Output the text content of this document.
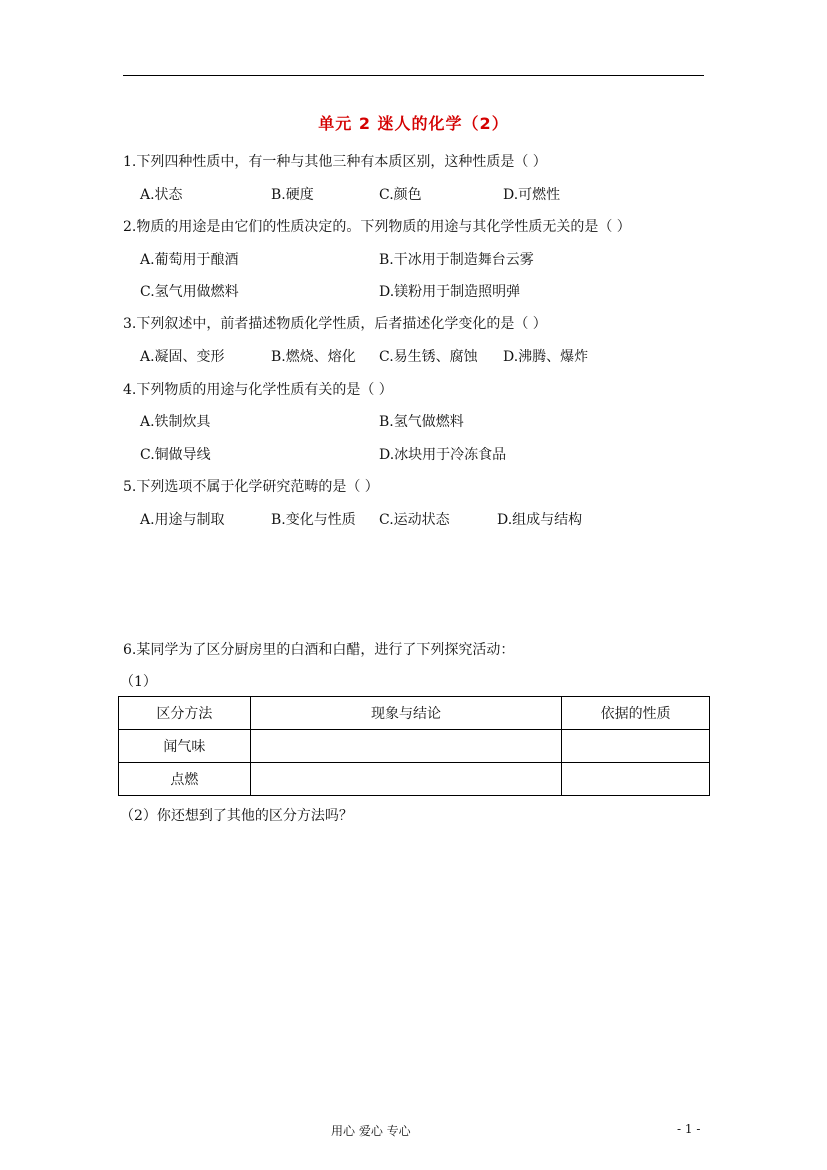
单元 2 迷人的化学（2）
1.下列四种性质中，有一种与其他三种有本质区别，这种性质是（ ）
A.状态	B.硬度	C.颜色	D.可燃性
2.物质的用途是由它们的性质决定的。下列物质的用途与其化学性质无关的是（ ）
A.葡萄用于酿酒	B.干冰用于制造舞台云雾
C.氢气用做燃料	D.镁粉用于制造照明弹
3.下列叙述中，前者描述物质化学性质，后者描述化学变化的是（ ）
A.凝固、变形	B.燃烧、熔化 C.易生锈、腐蚀 D.沸腾、爆炸
4.下列物质的用途与化学性质有关的是（ ）
A.铁制炊具	B.氢气做燃料
C.铜做导线	D.冰块用于冷冻食品
5.下列选项不属于化学研究范畴的是（ ）
A.用途与制取	B.变化与性质 C.运动状态	D.组成与结构
6.某同学为了区分厨房里的白酒和白醋，进行了下列探究活动：
（1）
区分方法	现象与结论	依据的性质
闻气味		
点燃		
（2）你还想到了其他的区分方法吗？
用心 爱心 专心	- 1 -
